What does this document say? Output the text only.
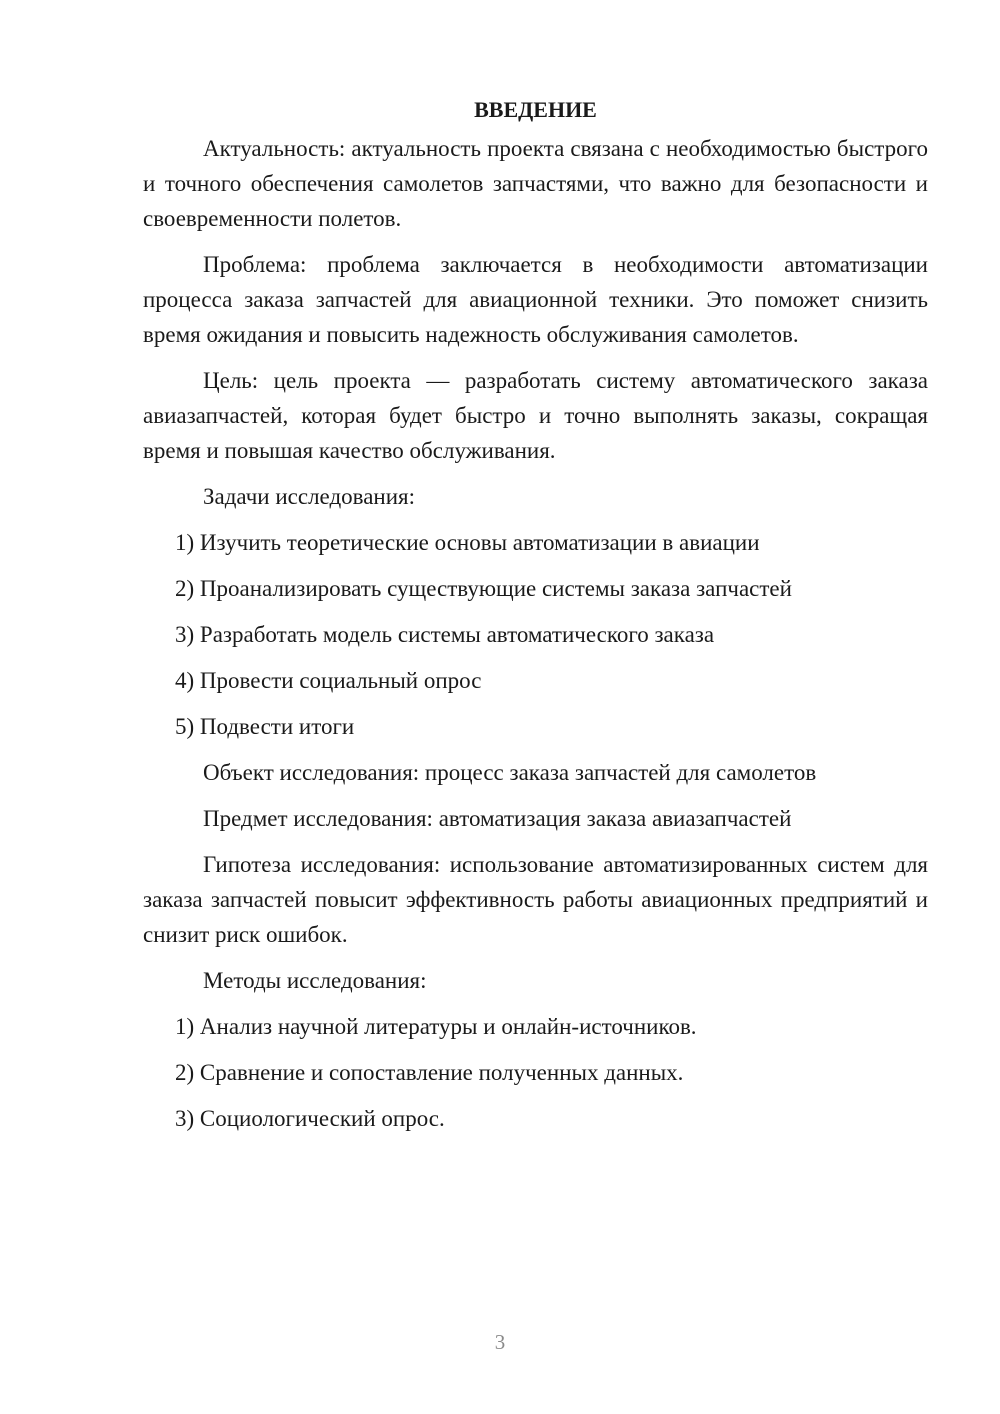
ВВЕДЕНИЕ

Актуальность: актуальность проекта связана с необходимостью быстрого и точного обеспечения самолетов запчастями, что важно для безопасности и своевременности полетов.

Проблема: проблема заключается в необходимости автоматизации процесса заказа запчастей для авиационной техники. Это поможет снизить время ожидания и повысить надежность обслуживания самолетов.

Цель: цель проекта — разработать систему автоматического заказа авиазапчастей, которая будет быстро и точно выполнять заказы, сокращая время и повышая качество обслуживания.

Задачи исследования:

1) Изучить теоретические основы автоматизации в авиации
2) Проанализировать существующие системы заказа запчастей
3) Разработать модель системы автоматического заказа
4) Провести социальный опрос
5) Подвести итоги

Объект исследования: процесс заказа запчастей для самолетов

Предмет исследования: автоматизация заказа авиазапчастей

Гипотеза исследования: использование автоматизированных систем для заказа запчастей повысит эффективность работы авиационных предприятий и снизит риск ошибок.

Методы исследования:

1) Анализ научной литературы и онлайн-источников.
2) Сравнение и сопоставление полученных данных.
3) Социологический опрос.
3
